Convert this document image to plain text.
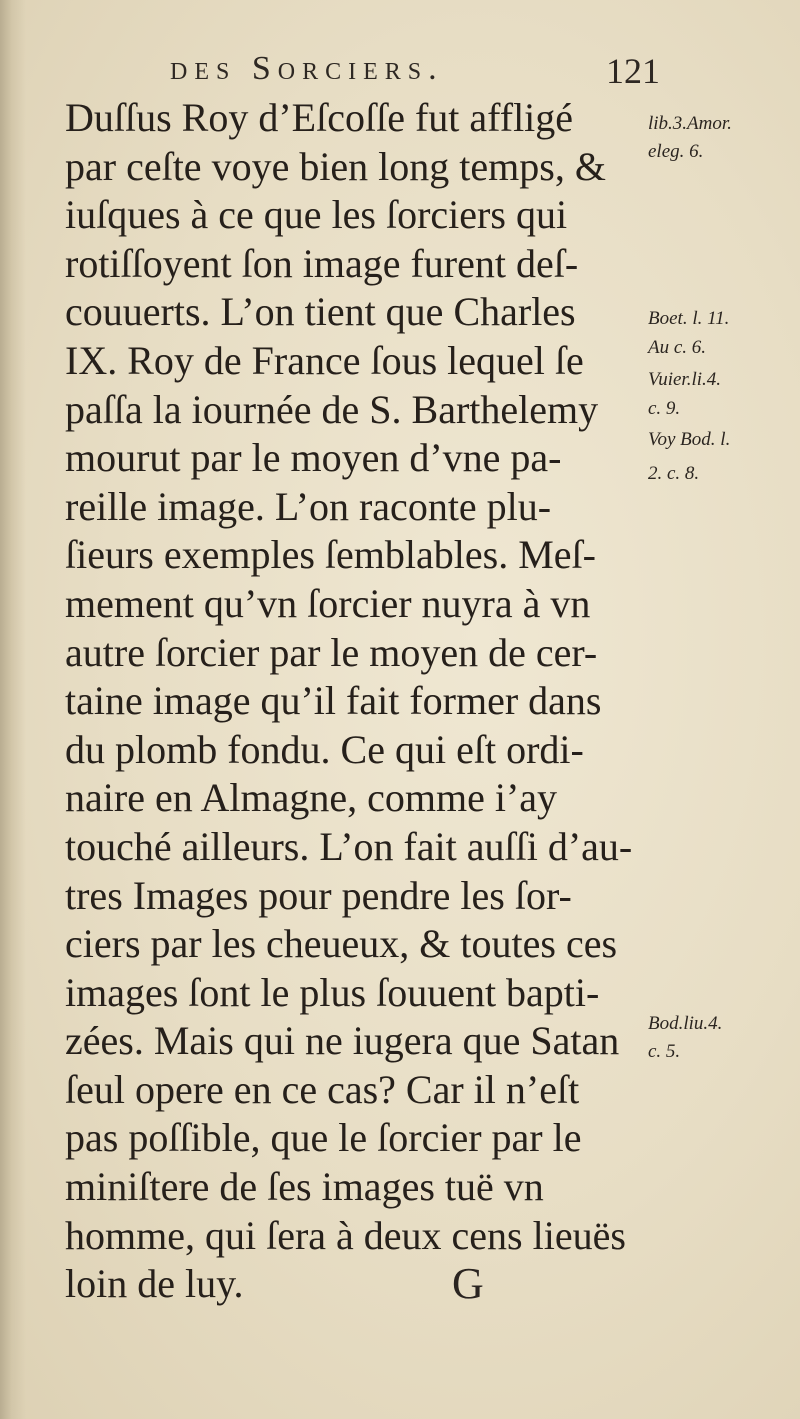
des Sorciers.	121
Duſſus Roy d’Eſcoſſe fut affligé
par ceſte voye bien long temps, &
iuſques à ce que les ſorciers qui
rotiſſoyent ſon image furent deſ-
couuerts. L’on tient que Charles
IX. Roy de France ſous lequel ſe
paſſa la iournée de S. Barthelemy
mourut par le moyen d’vne pa-
reille image. L’on raconte plu-
ſieurs exemples ſemblables. Meſ-
mement qu’vn ſorcier nuyra à vn
autre ſorcier par le moyen de cer-
taine image qu’il fait former dans
du plomb fondu. Ce qui eſt ordi-
naire en Almagne, comme i’ay
touché ailleurs. L’on fait auſſi d’au-
tres Images pour pendre les ſor-
ciers par les cheueux, & toutes ces
images ſont le plus ſouuent bapti-
zées. Mais qui ne iugera que Satan
ſeul opere en ce cas? Car il n’eſt
pas poſſible, que le ſorcier par le
miniſtere de ſes images tuë vn
homme, qui ſera à deux cens lieuës
loin de luy.
lib.3.Amor.
eleg. 6.
Boet. l. 11.
Au c. 6.
Vuier.li.4.
c. 9.
Voy Bod. l.
2. c. 8.
Bod.liu.4.
c. 5.
G
